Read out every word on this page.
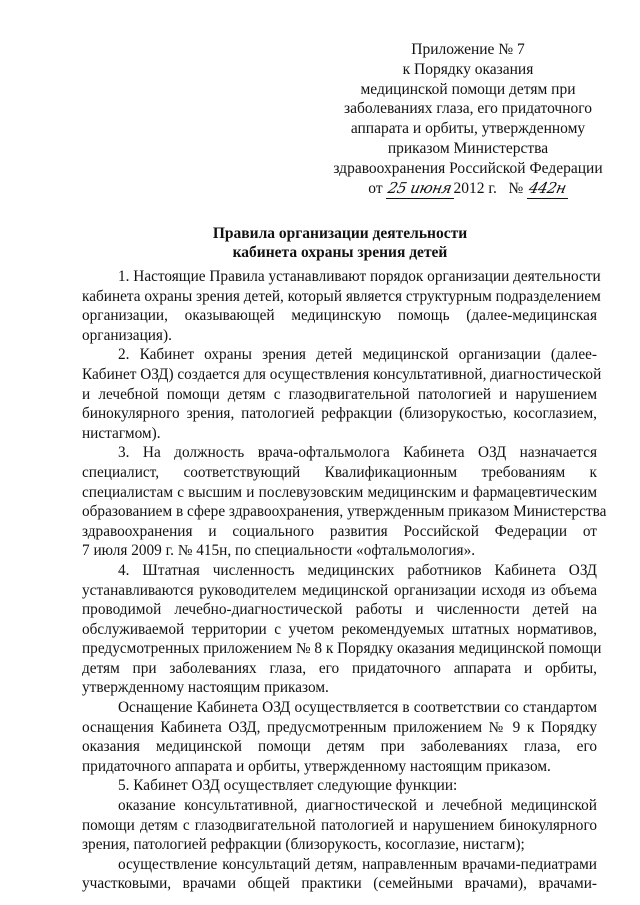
Приложение № 7
к Порядку оказания
медицинской помощи детям при
заболеваниях глаза, его придаточного
аппарата и орбиты, утвержденному
приказом Министерства
здравоохранения Российской Федерации
от 25 июня2012 г. № 442н
Правила организации деятельности
кабинета охраны зрения детей
1. Настоящие Правила устанавливают порядок организации деятельности
кабинета охраны зрения детей, который является структурным подразделением
организации, оказывающей медицинскую помощь (далее-медицинская
организация).
2. Кабинет охраны зрения детей медицинской организации (далее-
Кабинет ОЗД) создается для осуществления консультативной, диагностической
и лечебной помощи детям с глазодвигательной патологией и нарушением
бинокулярного зрения, патологией рефракции (близорукостью, косоглазием,
нистагмом).
3. На должность врача-офтальмолога Кабинета ОЗД назначается
специалист, соответствующий Квалификационным требованиям к
специалистам с высшим и послевузовским медицинским и фармацевтическим
образованием в сфере здравоохранения, утвержденным приказом Министерства
здравоохранения и социального развития Российской Федерации от
7 июля 2009 г. № 415н, по специальности «офтальмология».
4. Штатная численность медицинских работников Кабинета ОЗД
устанавливаются руководителем медицинской организации исходя из объема
проводимой лечебно-диагностической работы и численности детей на
обслуживаемой территории с учетом рекомендуемых штатных нормативов,
предусмотренных приложением № 8 к Порядку оказания медицинской помощи
детям при заболеваниях глаза, его придаточного аппарата и орбиты,
утвержденному настоящим приказом.
Оснащение Кабинета ОЗД осуществляется в соответствии со стандартом
оснащения Кабинета ОЗД, предусмотренным приложением № 9 к Порядку
оказания медицинской помощи детям при заболеваниях глаза, его
придаточного аппарата и орбиты, утвержденному настоящим приказом.
5. Кабинет ОЗД осуществляет следующие функции:
оказание консультативной, диагностической и лечебной медицинской
помощи детям с глазодвигательной патологией и нарушением бинокулярного
зрения, патологией рефракции (близорукость, косоглазие, нистагм);
осуществление консультаций детям, направленным врачами-педиатрами
участковыми, врачами общей практики (семейными врачами), врачами-
